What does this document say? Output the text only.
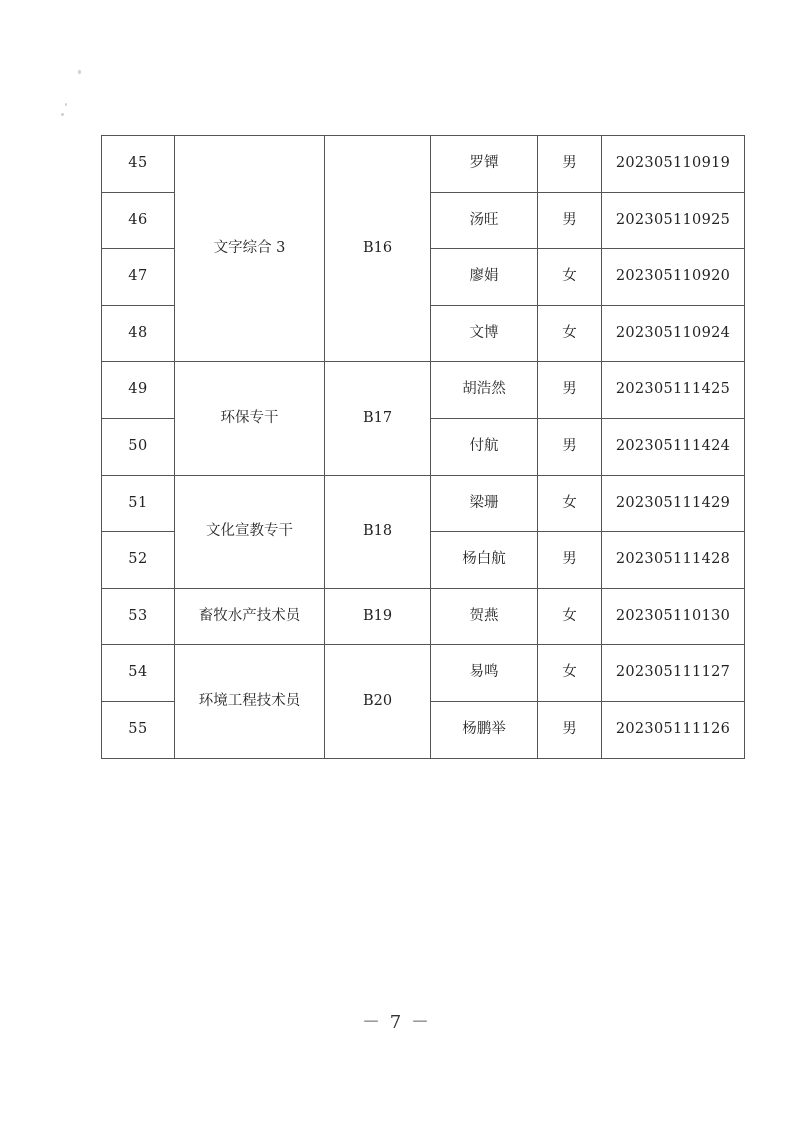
45	文字综合 3	B16	罗镡	男	202305110919
46			汤旺	男	202305110925
47			廖娟	女	202305110920
48			文博	女	202305110924
49	环保专干	B17	胡浩然	男	202305111425
50			付航	男	202305111424
51	文化宣教专干	B18	梁珊	女	202305111429
52			杨白航	男	202305111428
53	畜牧水产技术员	B19	贺燕	女	202305110130
54	环境工程技术员	B20	易鸣	女	202305111127
55			杨鹏举	男	202305111126
－ 7 －
